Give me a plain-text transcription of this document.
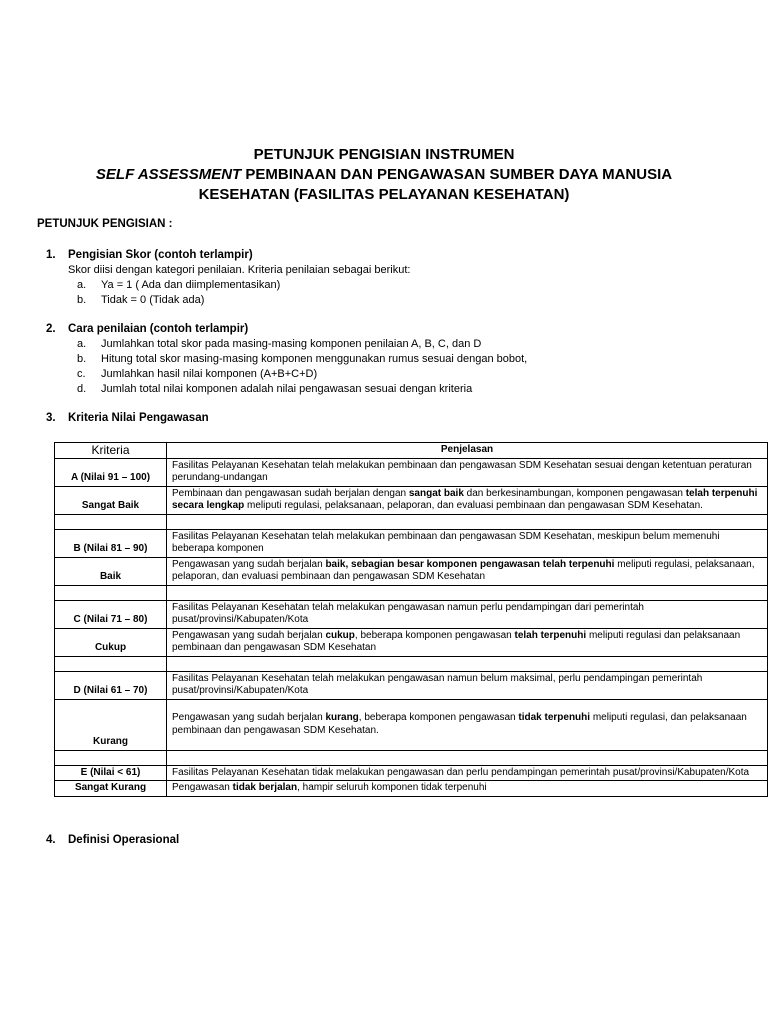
PETUNJUK PENGISIAN INSTRUMEN
SELF ASSESSMENT PEMBINAAN DAN PENGAWASAN SUMBER DAYA MANUSIA
KESEHATAN (FASILITAS PELAYANAN KESEHATAN)
PETUNJUK PENGISIAN :
1. Pengisian Skor (contoh terlampir)
Skor diisi dengan kategori penilaian. Kriteria penilaian sebagai berikut:
a. Ya = 1 ( Ada dan diimplementasikan)
b. Tidak = 0 (Tidak ada)
2. Cara penilaian (contoh terlampir)
a. Jumlahkan total skor pada masing-masing komponen penilaian A, B, C, dan D
b. Hitung total skor masing-masing komponen menggunakan rumus sesuai dengan bobot,
c. Jumlahkan hasil nilai komponen (A+B+C+D)
d. Jumlah total nilai komponen adalah nilai pengawasan sesuai dengan kriteria
3. Kriteria Nilai Pengawasan
Kriteria	Penjelasan
A (Nilai 91 – 100)	Fasilitas Pelayanan Kesehatan telah melakukan pembinaan dan pengawasan SDM Kesehatan sesuai dengan ketentuan peraturan perundang-undangan
Sangat Baik	Pembinaan dan pengawasan sudah berjalan dengan sangat baik dan berkesinambungan, komponen pengawasan telah terpenuhi secara lengkap meliputi regulasi, pelaksanaan, pelaporan, dan evaluasi pembinaan dan pengawasan SDM Kesehatan.

B (Nilai 81 – 90)	Fasilitas Pelayanan Kesehatan telah melakukan pembinaan dan pengawasan SDM Kesehatan, meskipun belum memenuhi beberapa komponen
Baik	Pengawasan yang sudah berjalan baik, sebagian besar komponen pengawasan telah terpenuhi meliputi regulasi, pelaksanaan, pelaporan, dan evaluasi pembinaan dan pengawasan SDM Kesehatan

C (Nilai 71 – 80)	Fasilitas Pelayanan Kesehatan telah melakukan pengawasan namun perlu pendampingan dari pemerintah pusat/provinsi/Kabupaten/Kota
Cukup	Pengawasan yang sudah berjalan cukup, beberapa komponen pengawasan telah terpenuhi meliputi regulasi dan pelaksanaan pembinaan dan pengawasan SDM Kesehatan

D (Nilai 61 – 70)	Fasilitas Pelayanan Kesehatan telah melakukan pengawasan namun belum maksimal, perlu pendampingan pemerintah pusat/provinsi/Kabupaten/Kota
Kurang	Pengawasan yang sudah berjalan kurang, beberapa komponen pengawasan tidak terpenuhi meliputi regulasi, dan pelaksanaan pembinaan dan pengawasan SDM Kesehatan.

E (Nilai < 61)	Fasilitas Pelayanan Kesehatan tidak melakukan pengawasan dan perlu pendampingan pemerintah pusat/provinsi/Kabupaten/Kota
Sangat Kurang	Pengawasan tidak berjalan, hampir seluruh komponen tidak terpenuhi
4. Definisi Operasional
